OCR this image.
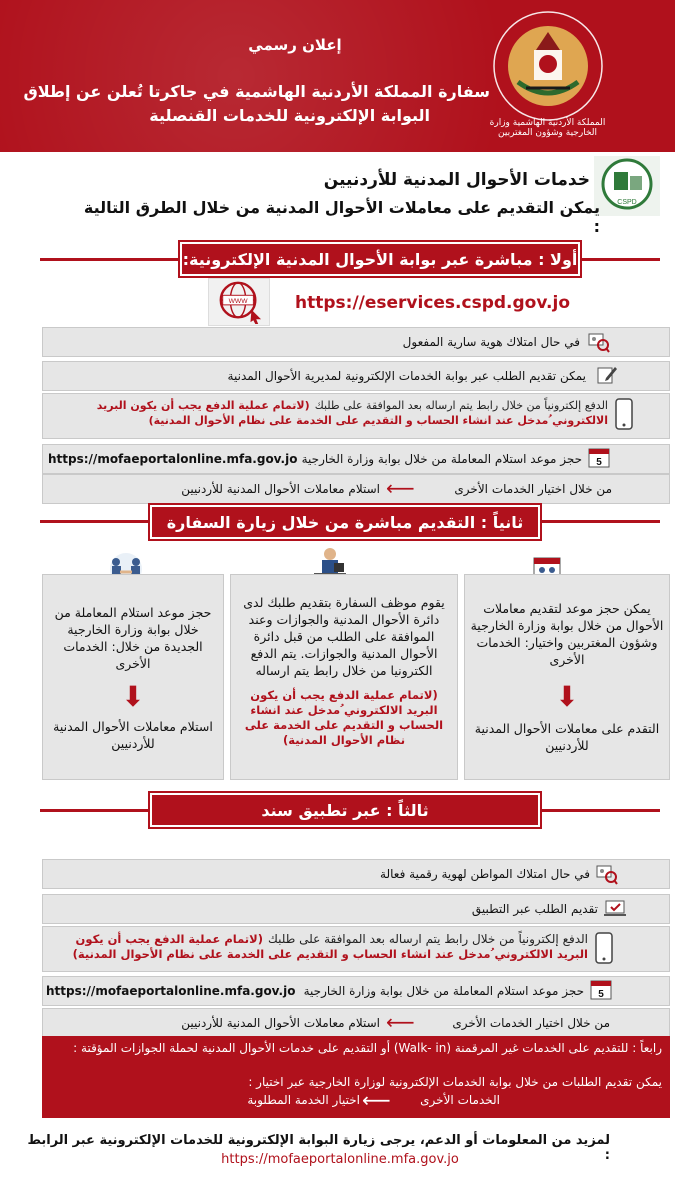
إعلان رسمي
سفارة المملكة الأردنية الهاشمية في جاكرتا تُعلن عن إطلاق
البوابة الإلكترونية للخدمات القنصلية	المملكة الأردنية الهاشمية وزارة الخارجية وشؤون المغتربين
CSPD
خدمات الأحوال المدنية للأردنيين
يمكن التقديم على معاملات الأحوال المدنية من خلال الطرق التالية :
أولا : مباشرة عبر بوابة الأحوال المدنية الإلكترونية:
WWW	https://eservices.cspd.gov.jo
في حال امتلاك هوية سارية المفعول
يمكن تقديم الطلب عبر بوابة الخدمات الإلكترونية لمديرية الأحوال المدنية
الدفع إلكترونياً من خلال رابط يتم ارساله بعد الموافقة على طلبك (لاتمام عملية الدفع يجب أن يكون البريد الالكتروني ُمدخل عند انشاء الحساب و التقديم على الخدمة على نظام الأحوال المدنية)
5
حجز موعد استلام المعاملة من خلال بوابة وزارة الخارجية
https://mofaeportalonline.mfa.gov.jo
من خلال اختيار الخدمات الأخرى
⟵
استلام معاملات الأحوال المدنية للأردنيين
ثانياً : التقديم مباشرة من خلال زيارة السفارة
يمكن حجز موعد لتقديم معاملات الأحوال من خلال بوابة وزارة الخارجية وشؤون المغتربين واختيار: الخدمات الأخرى
⬇
التقدم على معاملات الأحوال المدنية للأردنيين
يقوم موظف السفارة بتقديم طلبك لدى دائرة الأحوال المدنية والجوازات وعند الموافقة على الطلب من قبل دائرة الأحوال المدنية والجوازات. يتم الدفع الكترونيا من خلال رابط يتم ارساله
(لاتمام عملية الدفع يجب أن يكون البريد الالكتروني ُمدخل عند انشاء الحساب و التقديم على الخدمة على نظام الأحوال المدنية)
حجز موعد استلام المعاملة من خلال بوابة وزارة الخارجية الجديدة من خلال: الخدمات الأخرى
⬇
استلام معاملات الأحوال المدنية للأردنيين
ثالثاً : عبر تطبيق سند
في حال امتلاك المواطن لهوية رقمية فعالة
تقديم الطلب عبر التطبيق
الدفع إلكترونياً من خلال رابط يتم ارساله بعد الموافقة على طلبك (لاتمام عملية الدفع يجب أن يكون البريد الالكتروني ُمدخل عند انشاء الحساب و التقديم على الخدمة على نظام الأحوال المدنية)
5
حجز موعد استلام المعاملة من خلال بوابة وزارة الخارجية
https://mofaeportalonline.mfa.gov.jo
من خلال اختيار الخدمات الأخرى
⟵
استلام معاملات الأحوال المدنية للأردنيين
رابعاً : للتقديم على الخدمات غير المرقمنة (Walk- in) أو التقديم على خدمات الأحوال المدنية لحملة الجوازات المؤقتة :
يمكن تقديم الطلبات من خلال بوابة الخدمات الإلكترونية لوزارة الخارجية عبر اختيار :
الخدمات الأخرى
⟵
اختيار الخدمة المطلوبة
لمزيد من المعلومات أو الدعم، يرجى زيارة البوابة الإلكترونية للخدمات الإلكترونية عبر الرابط :
https://mofaeportalonline.mfa.gov.jo
